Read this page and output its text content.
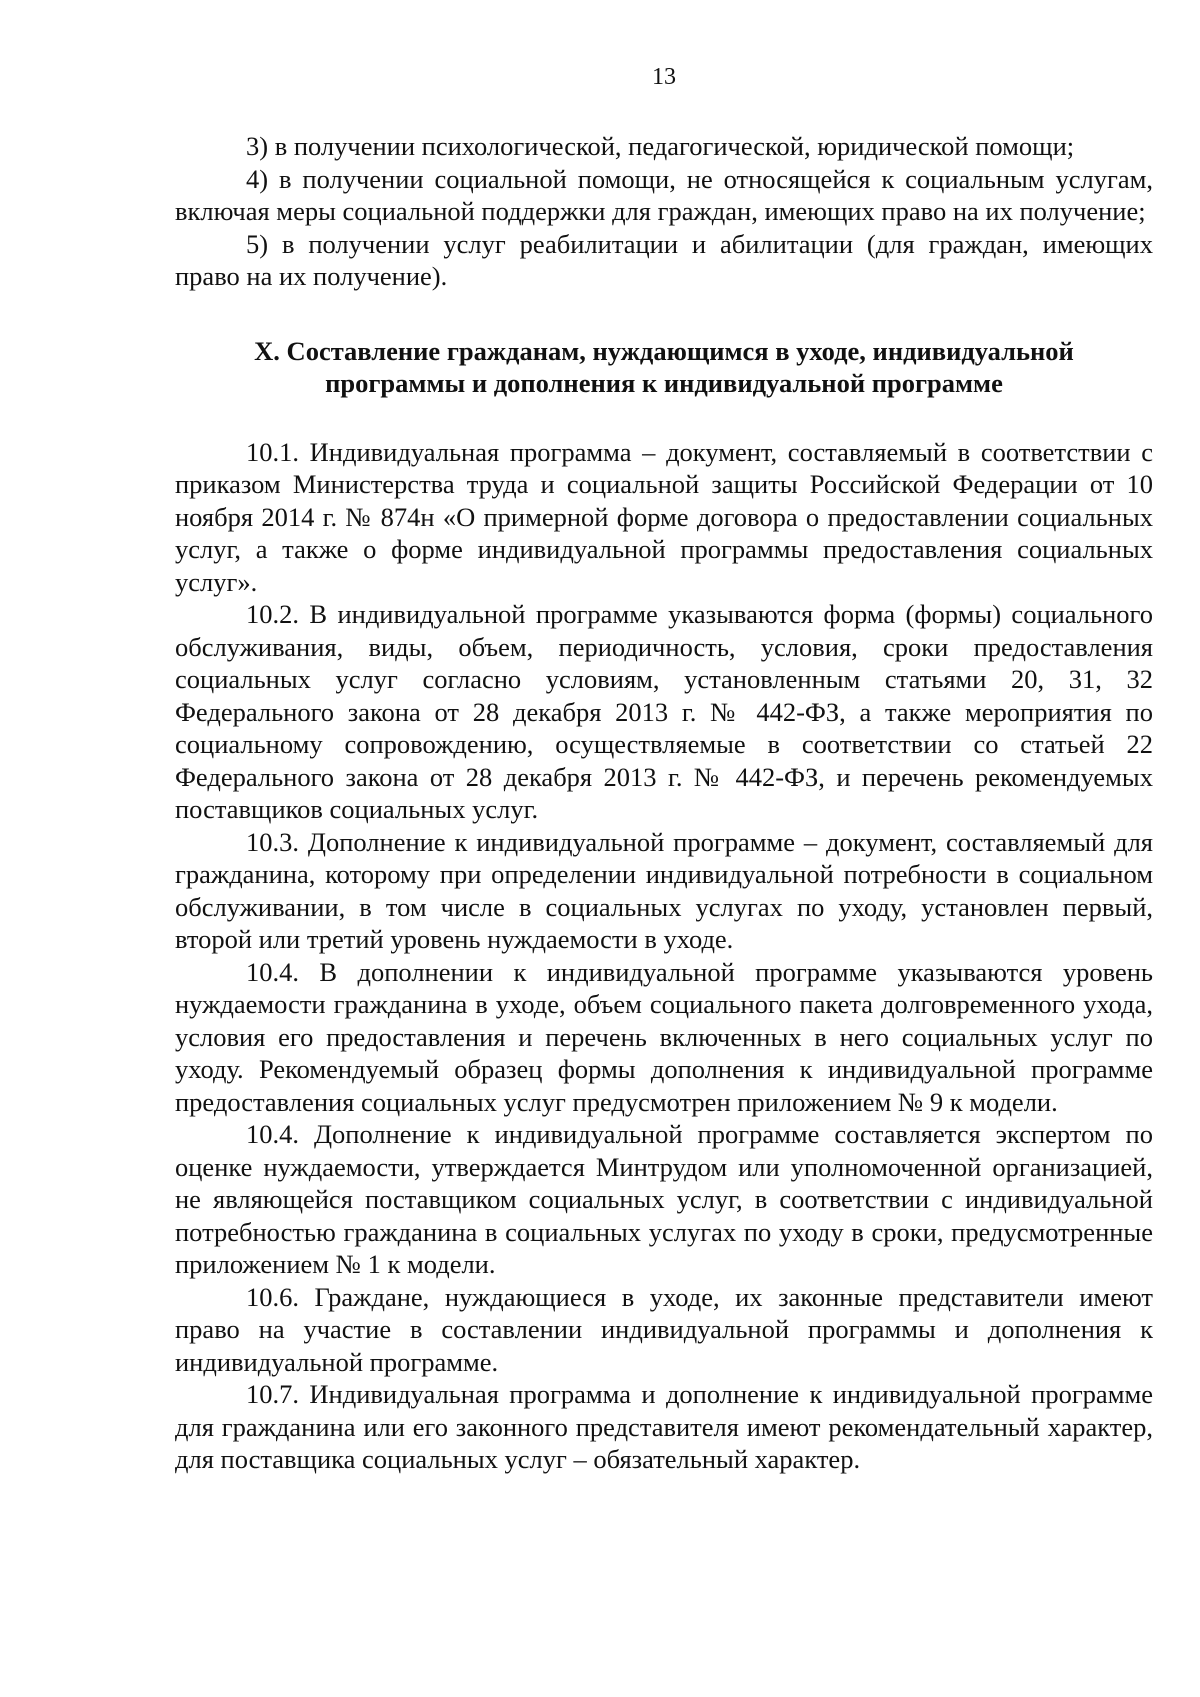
13

3) в получении психологической, педагогической, юридической помощи;

4) в получении социальной помощи, не относящейся к социальным услугам, включая меры социальной поддержки для граждан, имеющих право на их получение;

5) в получении услуг реабилитации и абилитации (для граждан, имеющих право на их получение).

X. Составление гражданам, нуждающимся в уходе, индивидуальной
программы и дополнения к индивидуальной программе

10.1. Индивидуальная программа – документ, составляемый в соответствии с приказом Министерства труда и социальной защиты Российской Федерации от 10 ноября 2014 г. № 874н «О примерной форме договора о предоставлении социальных услуг, а также о форме индивидуальной программы предоставления социальных услуг».

10.2. В индивидуальной программе указываются форма (формы) социального обслуживания, виды, объем, периодичность, условия, сроки предоставления социальных услуг согласно условиям, установленным статьями 20, 31, 32 Федерального закона от 28 декабря 2013 г. № 442-ФЗ, а также мероприятия по социальному сопровождению, осуществляемые в соответствии со статьей 22 Федерального закона от 28 декабря 2013 г. № 442-ФЗ, и перечень рекомендуемых поставщиков социальных услуг.

10.3. Дополнение к индивидуальной программе – документ, составляемый для гражданина, которому при определении индивидуальной потребности в социальном обслуживании, в том числе в социальных услугах по уходу, установлен первый, второй или третий уровень нуждаемости в уходе.

10.4. В дополнении к индивидуальной программе указываются уровень нуждаемости гражданина в уходе, объем социального пакета долговременного ухода, условия его предоставления и перечень включенных в него социальных услуг по уходу. Рекомендуемый образец формы дополнения к индивидуальной программе предоставления социальных услуг предусмотрен приложением № 9 к модели.

10.4. Дополнение к индивидуальной программе составляется экспертом по оценке нуждаемости, утверждается Минтрудом или уполномоченной организацией, не являющейся поставщиком социальных услуг, в соответствии с индивидуальной потребностью гражданина в социальных услугах по уходу в сроки, предусмотренные приложением № 1 к модели.

10.6. Граждане, нуждающиеся в уходе, их законные представители имеют право на участие в составлении индивидуальной программы и дополнения к индивидуальной программе.

10.7. Индивидуальная программа и дополнение к индивидуальной программе для гражданина или его законного представителя имеют рекомендательный характер, для поставщика социальных услуг – обязательный характер.
